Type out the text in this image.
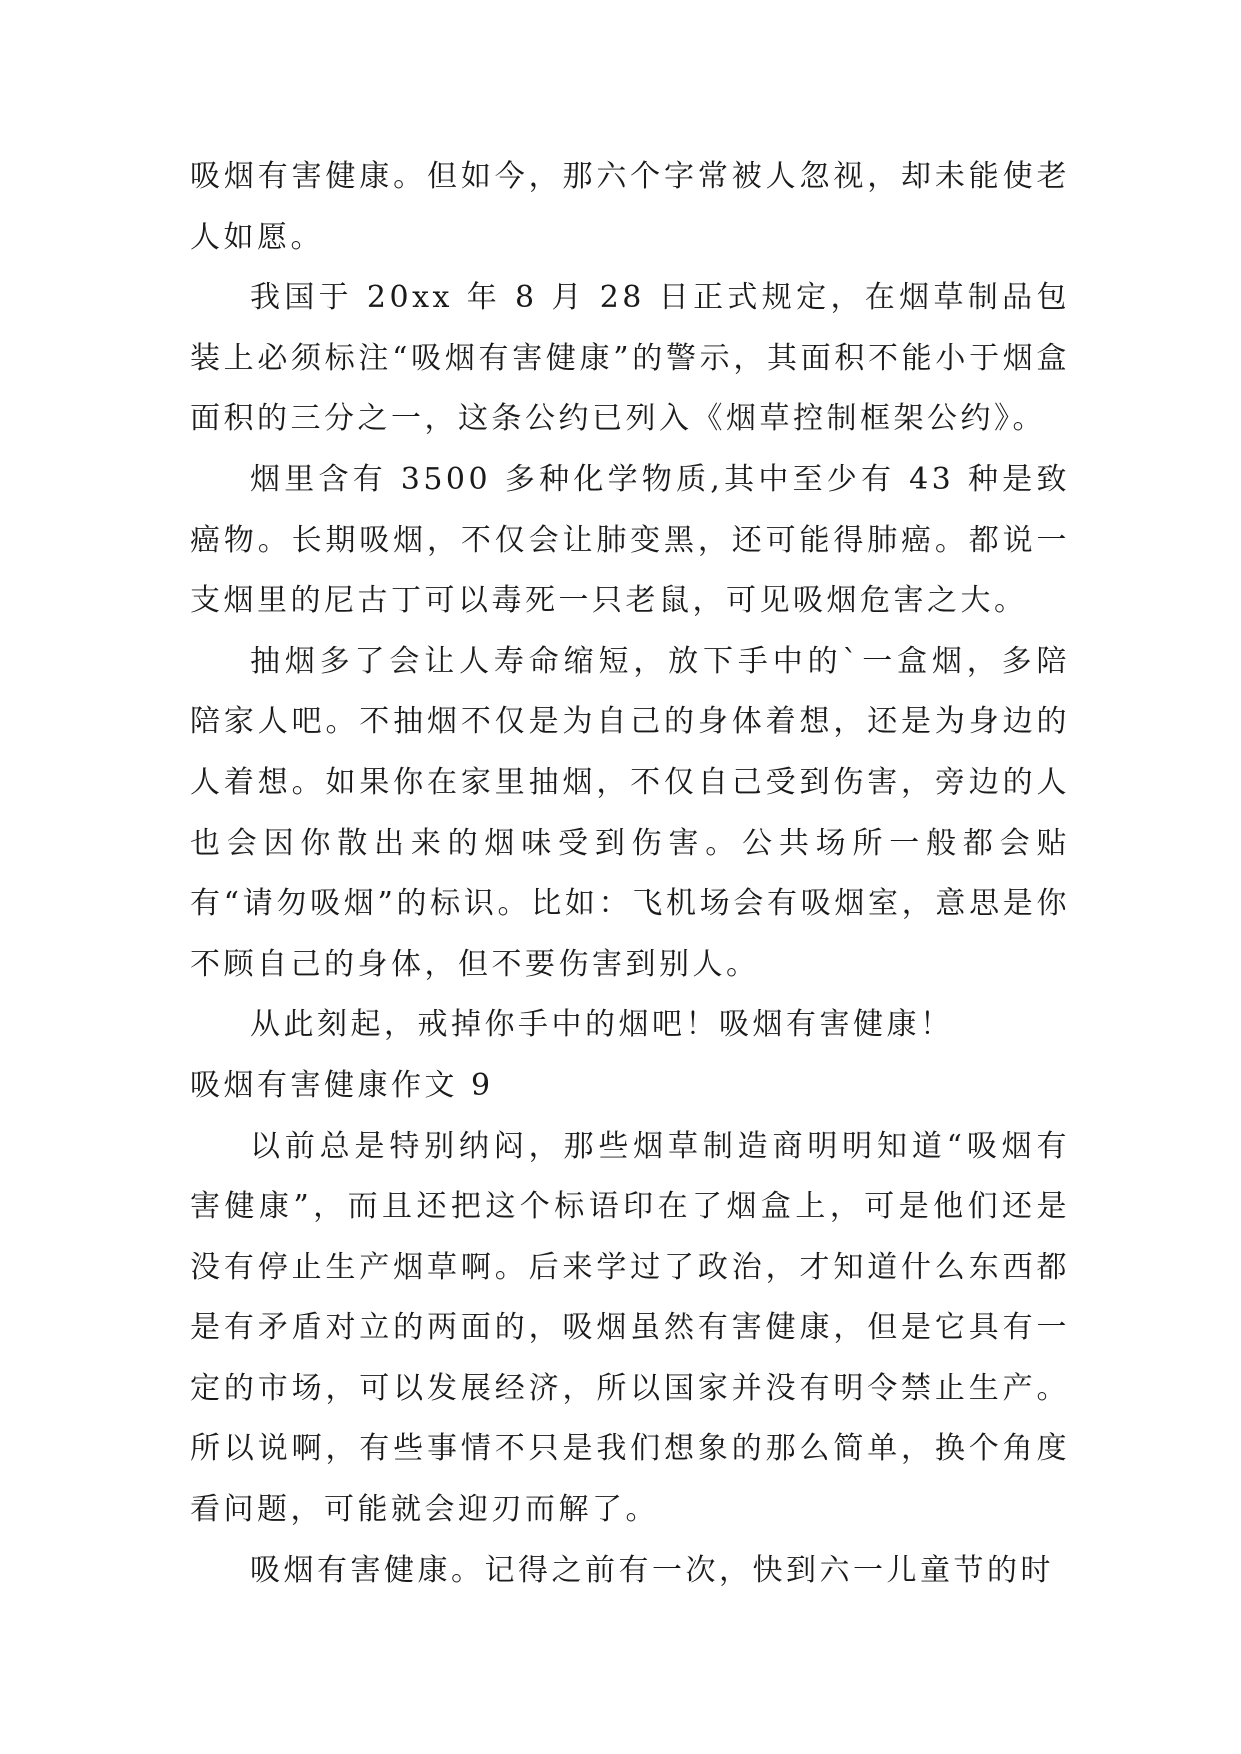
吸烟有害健康。但如今，那六个字常被人忽视，却未能使老人如愿。

我国于 20xx 年 8 月 28 日正式规定，在烟草制品包装上必须标注“吸烟有害健康”的警示，其面积不能小于烟盒面积的三分之一，这条公约已列入《烟草控制框架公约》。

烟里含有 3500 多种化学物质,其中至少有 43 种是致癌物。长期吸烟，不仅会让肺变黑，还可能得肺癌。都说一支烟里的尼古丁可以毒死一只老鼠，可见吸烟危害之大。

抽烟多了会让人寿命缩短，放下手中的`一盒烟，多陪陪家人吧。不抽烟不仅是为自己的身体着想，还是为身边的人着想。如果你在家里抽烟，不仅自己受到伤害，旁边的人也会因你散出来的烟味受到伤害。公共场所一般都会贴有“请勿吸烟”的标识。比如：飞机场会有吸烟室，意思是你不顾自己的身体，但不要伤害到别人。

从此刻起，戒掉你手中的烟吧！吸烟有害健康！

吸烟有害健康作文 9

以前总是特别纳闷，那些烟草制造商明明知道“吸烟有害健康”，而且还把这个标语印在了烟盒上，可是他们还是没有停止生产烟草啊。后来学过了政治，才知道什么东西都是有矛盾对立的两面的，吸烟虽然有害健康，但是它具有一定的市场，可以发展经济，所以国家并没有明令禁止生产。所以说啊，有些事情不只是我们想象的那么简单，换个角度看问题，可能就会迎刃而解了。

吸烟有害健康。记得之前有一次，快到六一儿童节的时
